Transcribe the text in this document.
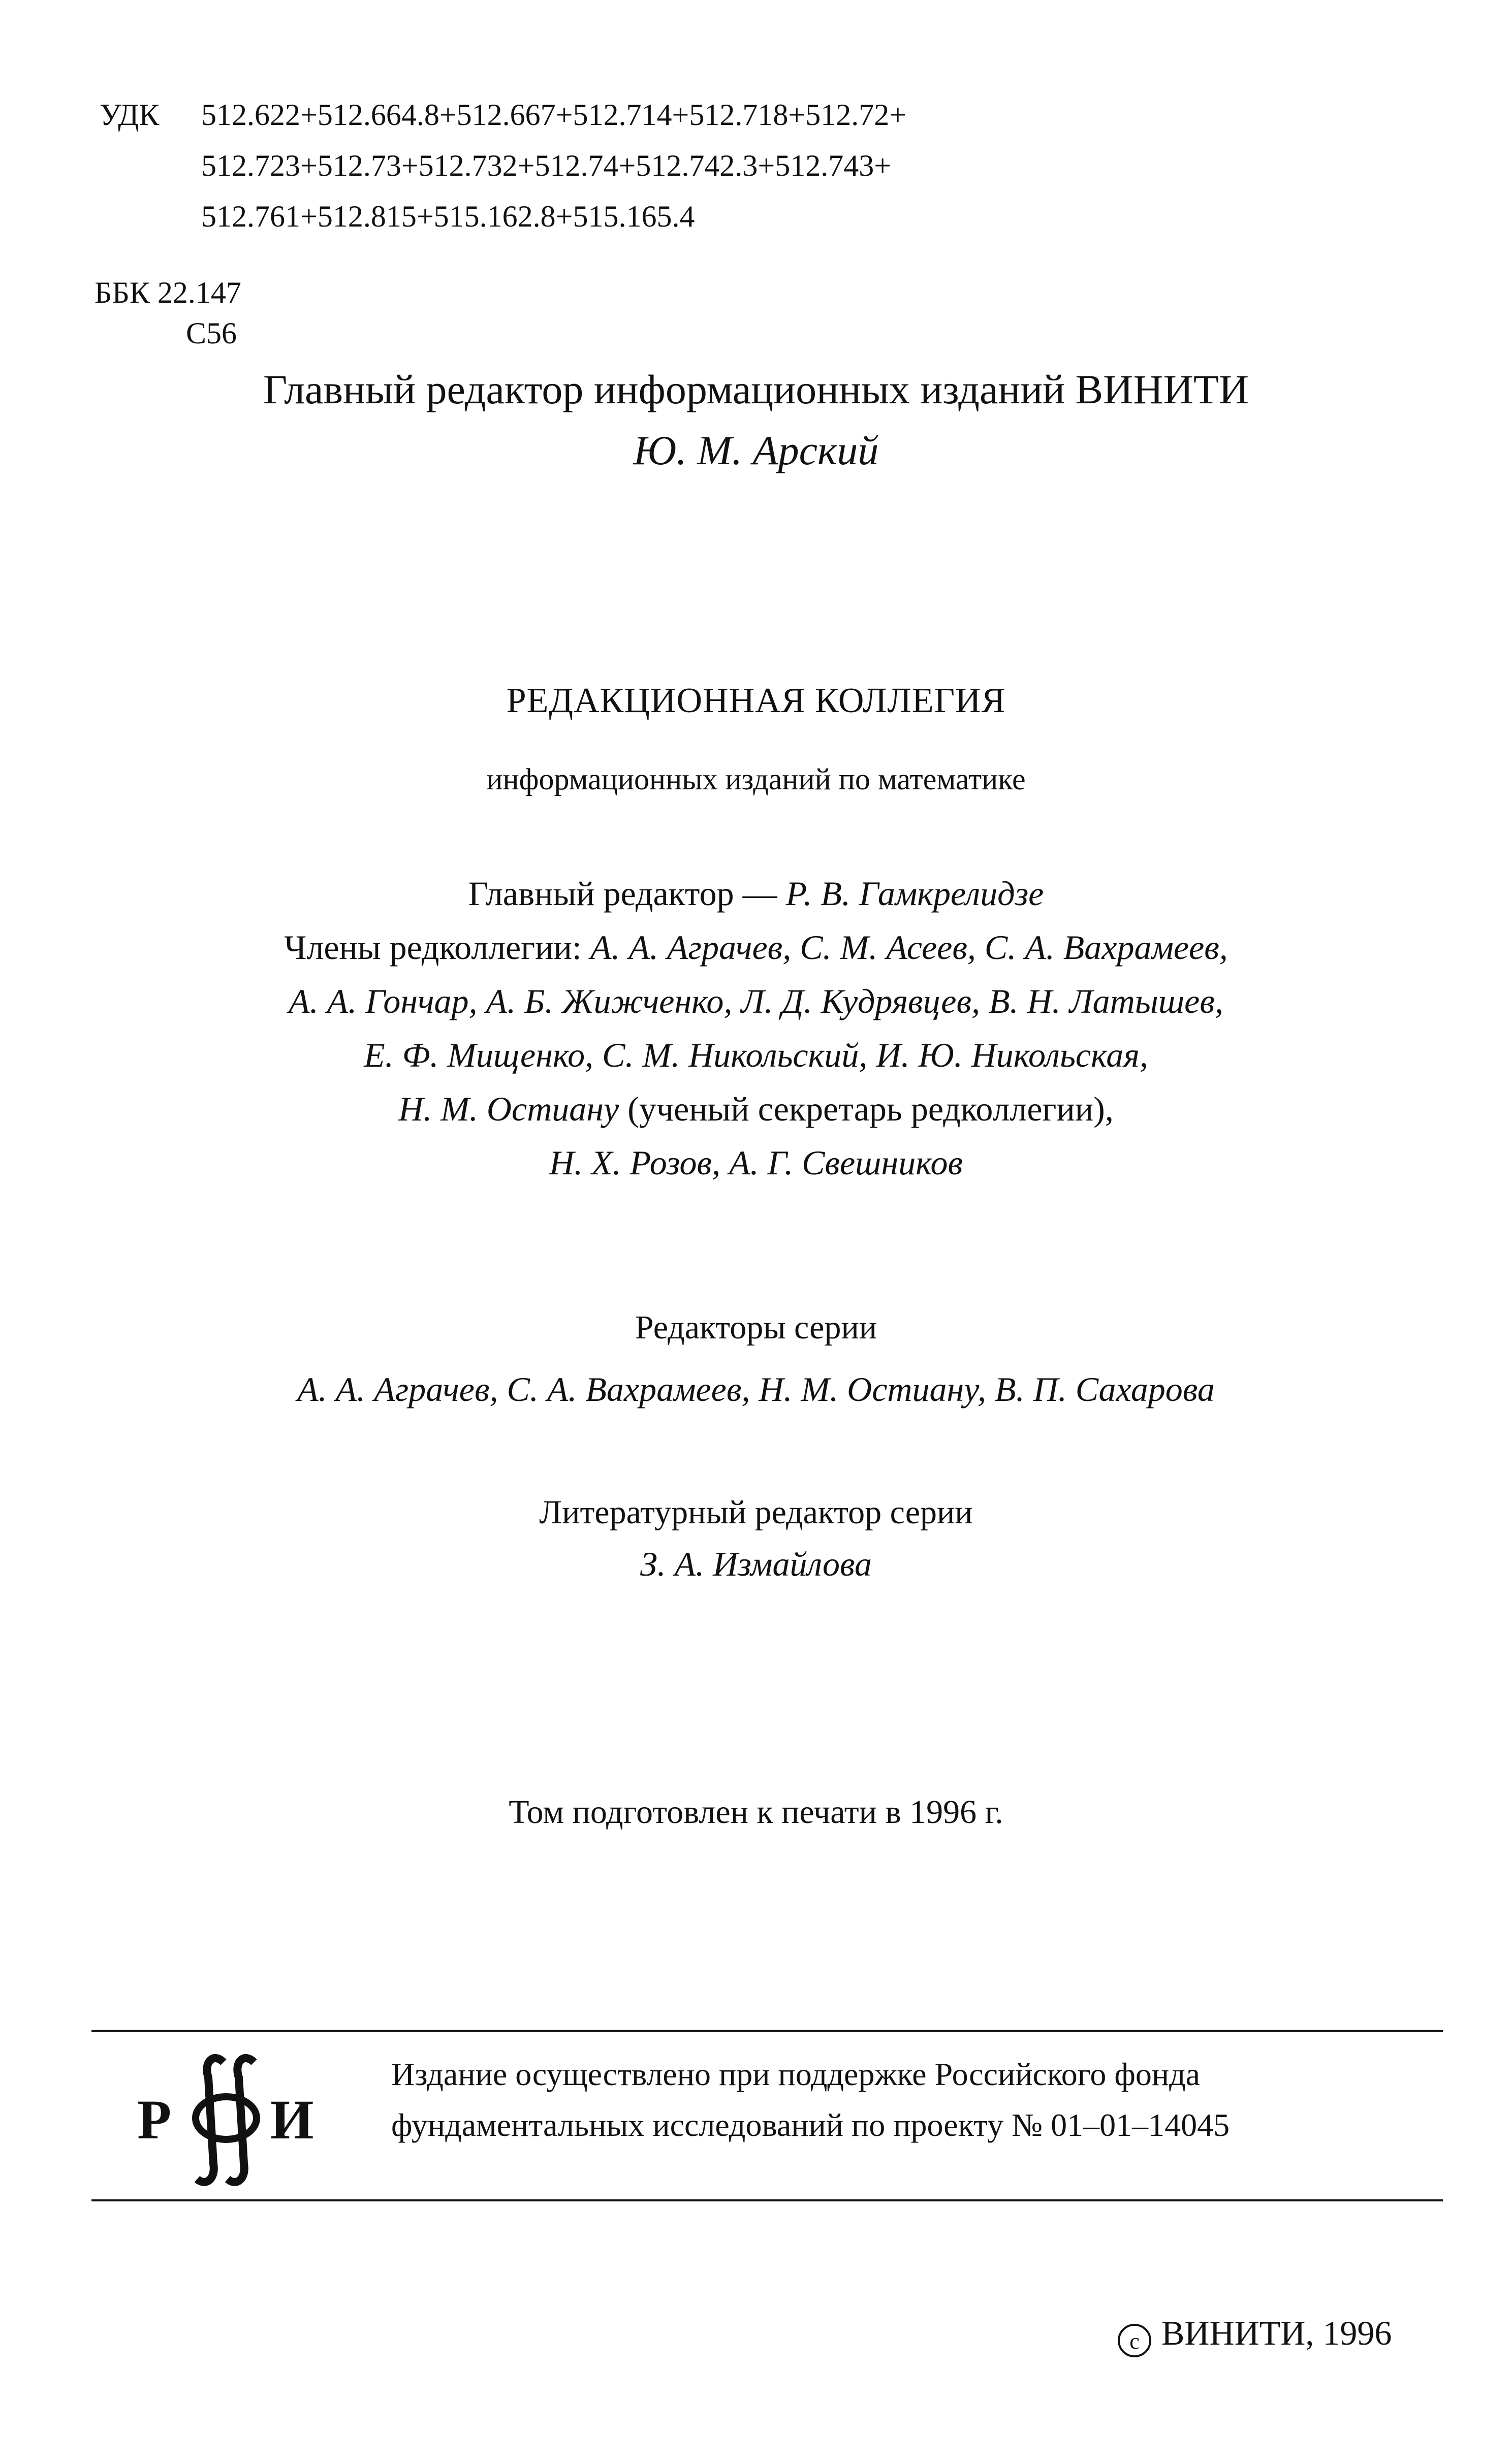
УДК 512.622+512.664.8+512.667+512.714+512.718+512.72+
512.723+512.73+512.732+512.74+512.742.3+512.743+
512.761+512.815+515.162.8+515.165.4
ББК 22.147
С56
Главный редактор информационных изданий ВИНИТИ
Ю. М. Арский
РЕДАКЦИОННАЯ КОЛЛЕГИЯ
информационных изданий по математике
Главный редактор — Р. В. Гамкрелидзе
Члены редколлегии: А. А. Аграчев, С. М. Асеев, С. А. Вахрамеев,
А. А. Гончар, А. Б. Жижченко, Л. Д. Кудрявцев, В. Н. Латышев,
Е. Ф. Мищенко, С. М. Никольский, И. Ю. Никольская,
Н. М. Остиану (ученый секретарь редколлегии),
Н. Х. Розов, А. Г. Свешников
Редакторы серии
А. А. Аграчев, С. А. Вахрамеев, Н. М. Остиану, В. П. Сахарова
Литературный редактор серии
З. А. Измайлова
Том подготовлен к печати в 1996 г.
Р И
Издание осуществлено при поддержке Российского фонда
фундаментальных исследований по проекту № 01–01–14045
c ВИНИТИ, 1996
